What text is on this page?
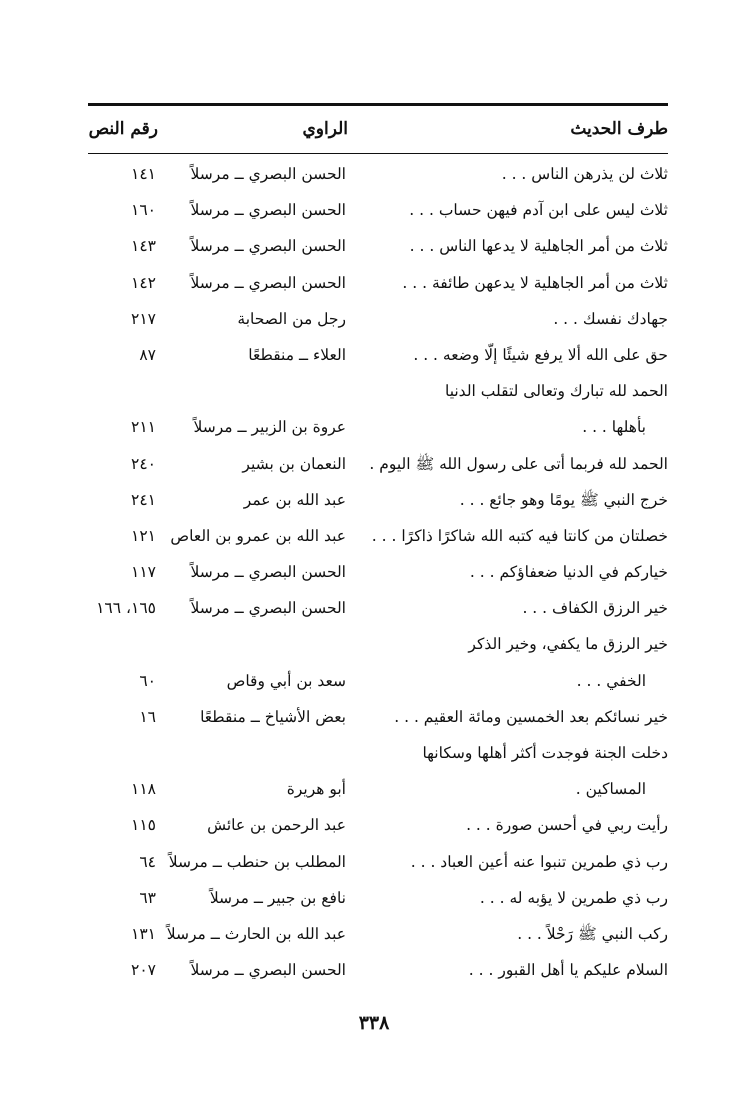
طرف الحديث
الراوي
رقم النص
ثلاث لن يذرهن الناس . . .
الحسن البصري ــ مرسلاً
١٤١
ثلاث ليس على ابن آدم فيهن حساب . . .
الحسن البصري ــ مرسلاً
١٦٠
ثلاث من أمر الجاهلية لا يدعها الناس . . .
الحسن البصري ــ مرسلاً
١٤٣
ثلاث من أمر الجاهلية لا يدعهن طائفة . . .
الحسن البصري ــ مرسلاً
١٤٢
جهادك نفسك . . .
رجل من الصحابة
٢١٧
حق على الله ألا يرفع شيئًا إلّا وضعه . . .
العلاء ــ منقطعًا
٨٧
الحمد لله تبارك وتعالى لتقلب الدنيا
بأهلها . . .
عروة بن الزبير ــ مرسلاً
٢١١
الحمد لله فربما أتى على رسول الله ﷺ اليوم .
النعمان بن بشير
٢٤٠
خرج النبي ﷺ يومًا وهو جائع . . .
عبد الله بن عمر
٢٤١
خصلتان من كانتا فيه كتبه الله شاكرًا ذاكرًا . . .
عبد الله بن عمرو بن العاص
١٢١
خياركم في الدنيا ضعفاؤكم . . .
الحسن البصري ــ مرسلاً
١١٧
خير الرزق الكفاف . . .
الحسن البصري ــ مرسلاً
١٦٥، ١٦٦
خير الرزق ما يكفي، وخير الذكر
الخفي . . .
سعد بن أبي وقاص
٦٠
خير نسائكم بعد الخمسين ومائة العقيم . . .
بعض الأشياخ ــ منقطعًا
١٦
دخلت الجنة فوجدت أكثر أهلها وسكانها
المساكين .
أبو هريرة
١١٨
رأيت ربي في أحسن صورة . . .
عبد الرحمن بن عائش
١١٥
رب ذي طمرين تنبوا عنه أعين العباد . . .
المطلب بن حنطب ــ مرسلاً
٦٤
رب ذي طمرين لا يؤبه له . . .
نافع بن جبير ــ مرسلاً
٦٣
ركب النبي ﷺ رَحْلاً . . .
عبد الله بن الحارث ــ مرسلاً
١٣١
السلام عليكم يا أهل القبور . . .
الحسن البصري ــ مرسلاً
٢٠٧
٣٣٨
